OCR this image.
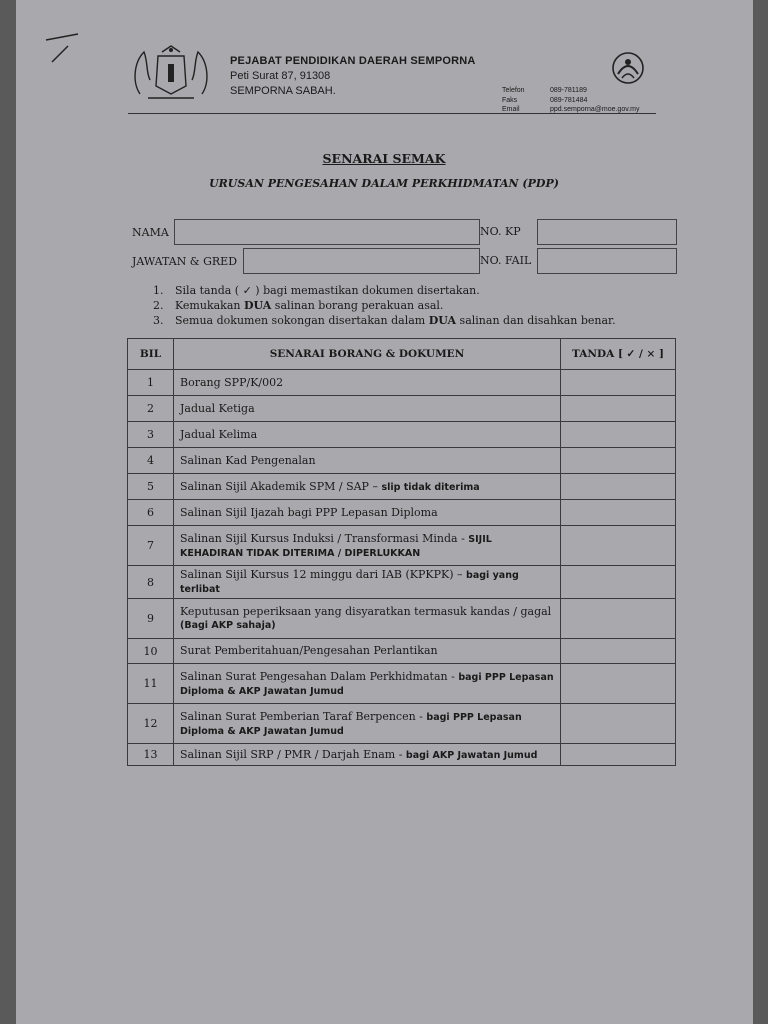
PEJABAT PENDIDIKAN DAERAH SEMPORNA
Peti Surat 87, 91308
SEMPORNA SABAH.	Telefon	089-781189
Faks	089-781484
Email	ppd.semporna@moe.gov.my
SENARAI SEMAK
URUSAN PENGESAHAN DALAM PERKHIDMATAN (PDP)
NAMA	NO. KP
JAWATAN & GRED	NO. FAIL
1.	Sila tanda ( ✓ ) bagi memastikan dokumen disertakan.
2.	Kemukakan DUA salinan borang perakuan asal.
3.	Semua dokumen sokongan disertakan dalam DUA salinan dan disahkan benar.
BIL	SENARAI BORANG & DOKUMEN	TANDA [ ✓ / × ]
1	Borang SPP/K/002	
2	Jadual Ketiga	
3	Jadual Kelima	
4	Salinan Kad Pengenalan	
5	Salinan Sijil Akademik SPM / SAP – slip tidak diterima	
6	Salinan Sijil Ijazah bagi PPP Lepasan Diploma	
7	Salinan Sijil Kursus Induksi / Transformasi Minda - SIJIL KEHADIRAN TIDAK DITERIMA / DIPERLUKKAN	
8	Salinan Sijil Kursus 12 minggu dari IAB (KPKPK) – bagi yang terlibat	
9	Keputusan peperiksaan yang disyaratkan termasuk kandas / gagal (Bagi AKP sahaja)	
10	Surat Pemberitahuan/Pengesahan Perlantikan	
11	Salinan Surat Pengesahan Dalam Perkhidmatan - bagi PPP Lepasan Diploma & AKP Jawatan Jumud	
12	Salinan Surat Pemberian Taraf Berpencen - bagi PPP Lepasan Diploma & AKP Jawatan Jumud	
13	Salinan Sijil SRP / PMR / Darjah Enam - bagi AKP Jawatan Jumud	
